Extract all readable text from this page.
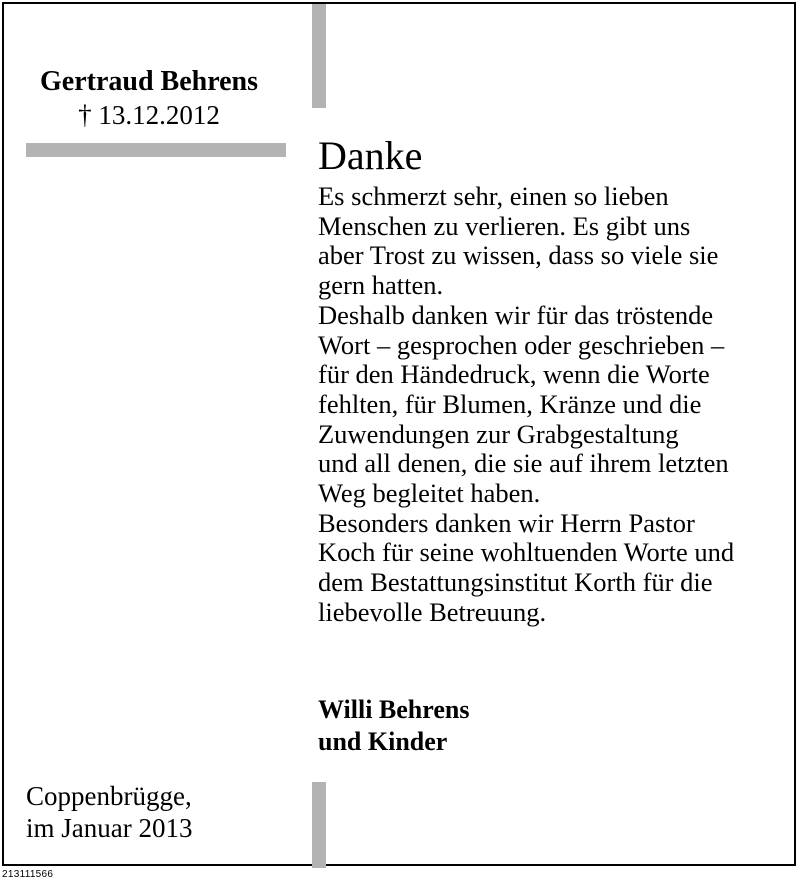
Gertraud Behrens
† 13.12.2012
Danke
Es schmerzt sehr, einen so lieben
Menschen zu verlieren. Es gibt uns
aber Trost zu wissen, dass so viele sie
gern hatten.
Deshalb danken wir für das tröstende
Wort – gesprochen oder geschrieben –
für den Händedruck, wenn die Worte
fehlten, für Blumen, Kränze und die
Zuwendungen zur Grabgestaltung
und all denen, die sie auf ihrem letzten
Weg begleitet haben.
Besonders danken wir Herrn Pastor
Koch für seine wohltuenden Worte und
dem Bestattungsinstitut Korth für die
liebevolle Betreuung.
Willi Behrens
und Kinder
Coppenbrügge,
im Januar 2013
213111566
